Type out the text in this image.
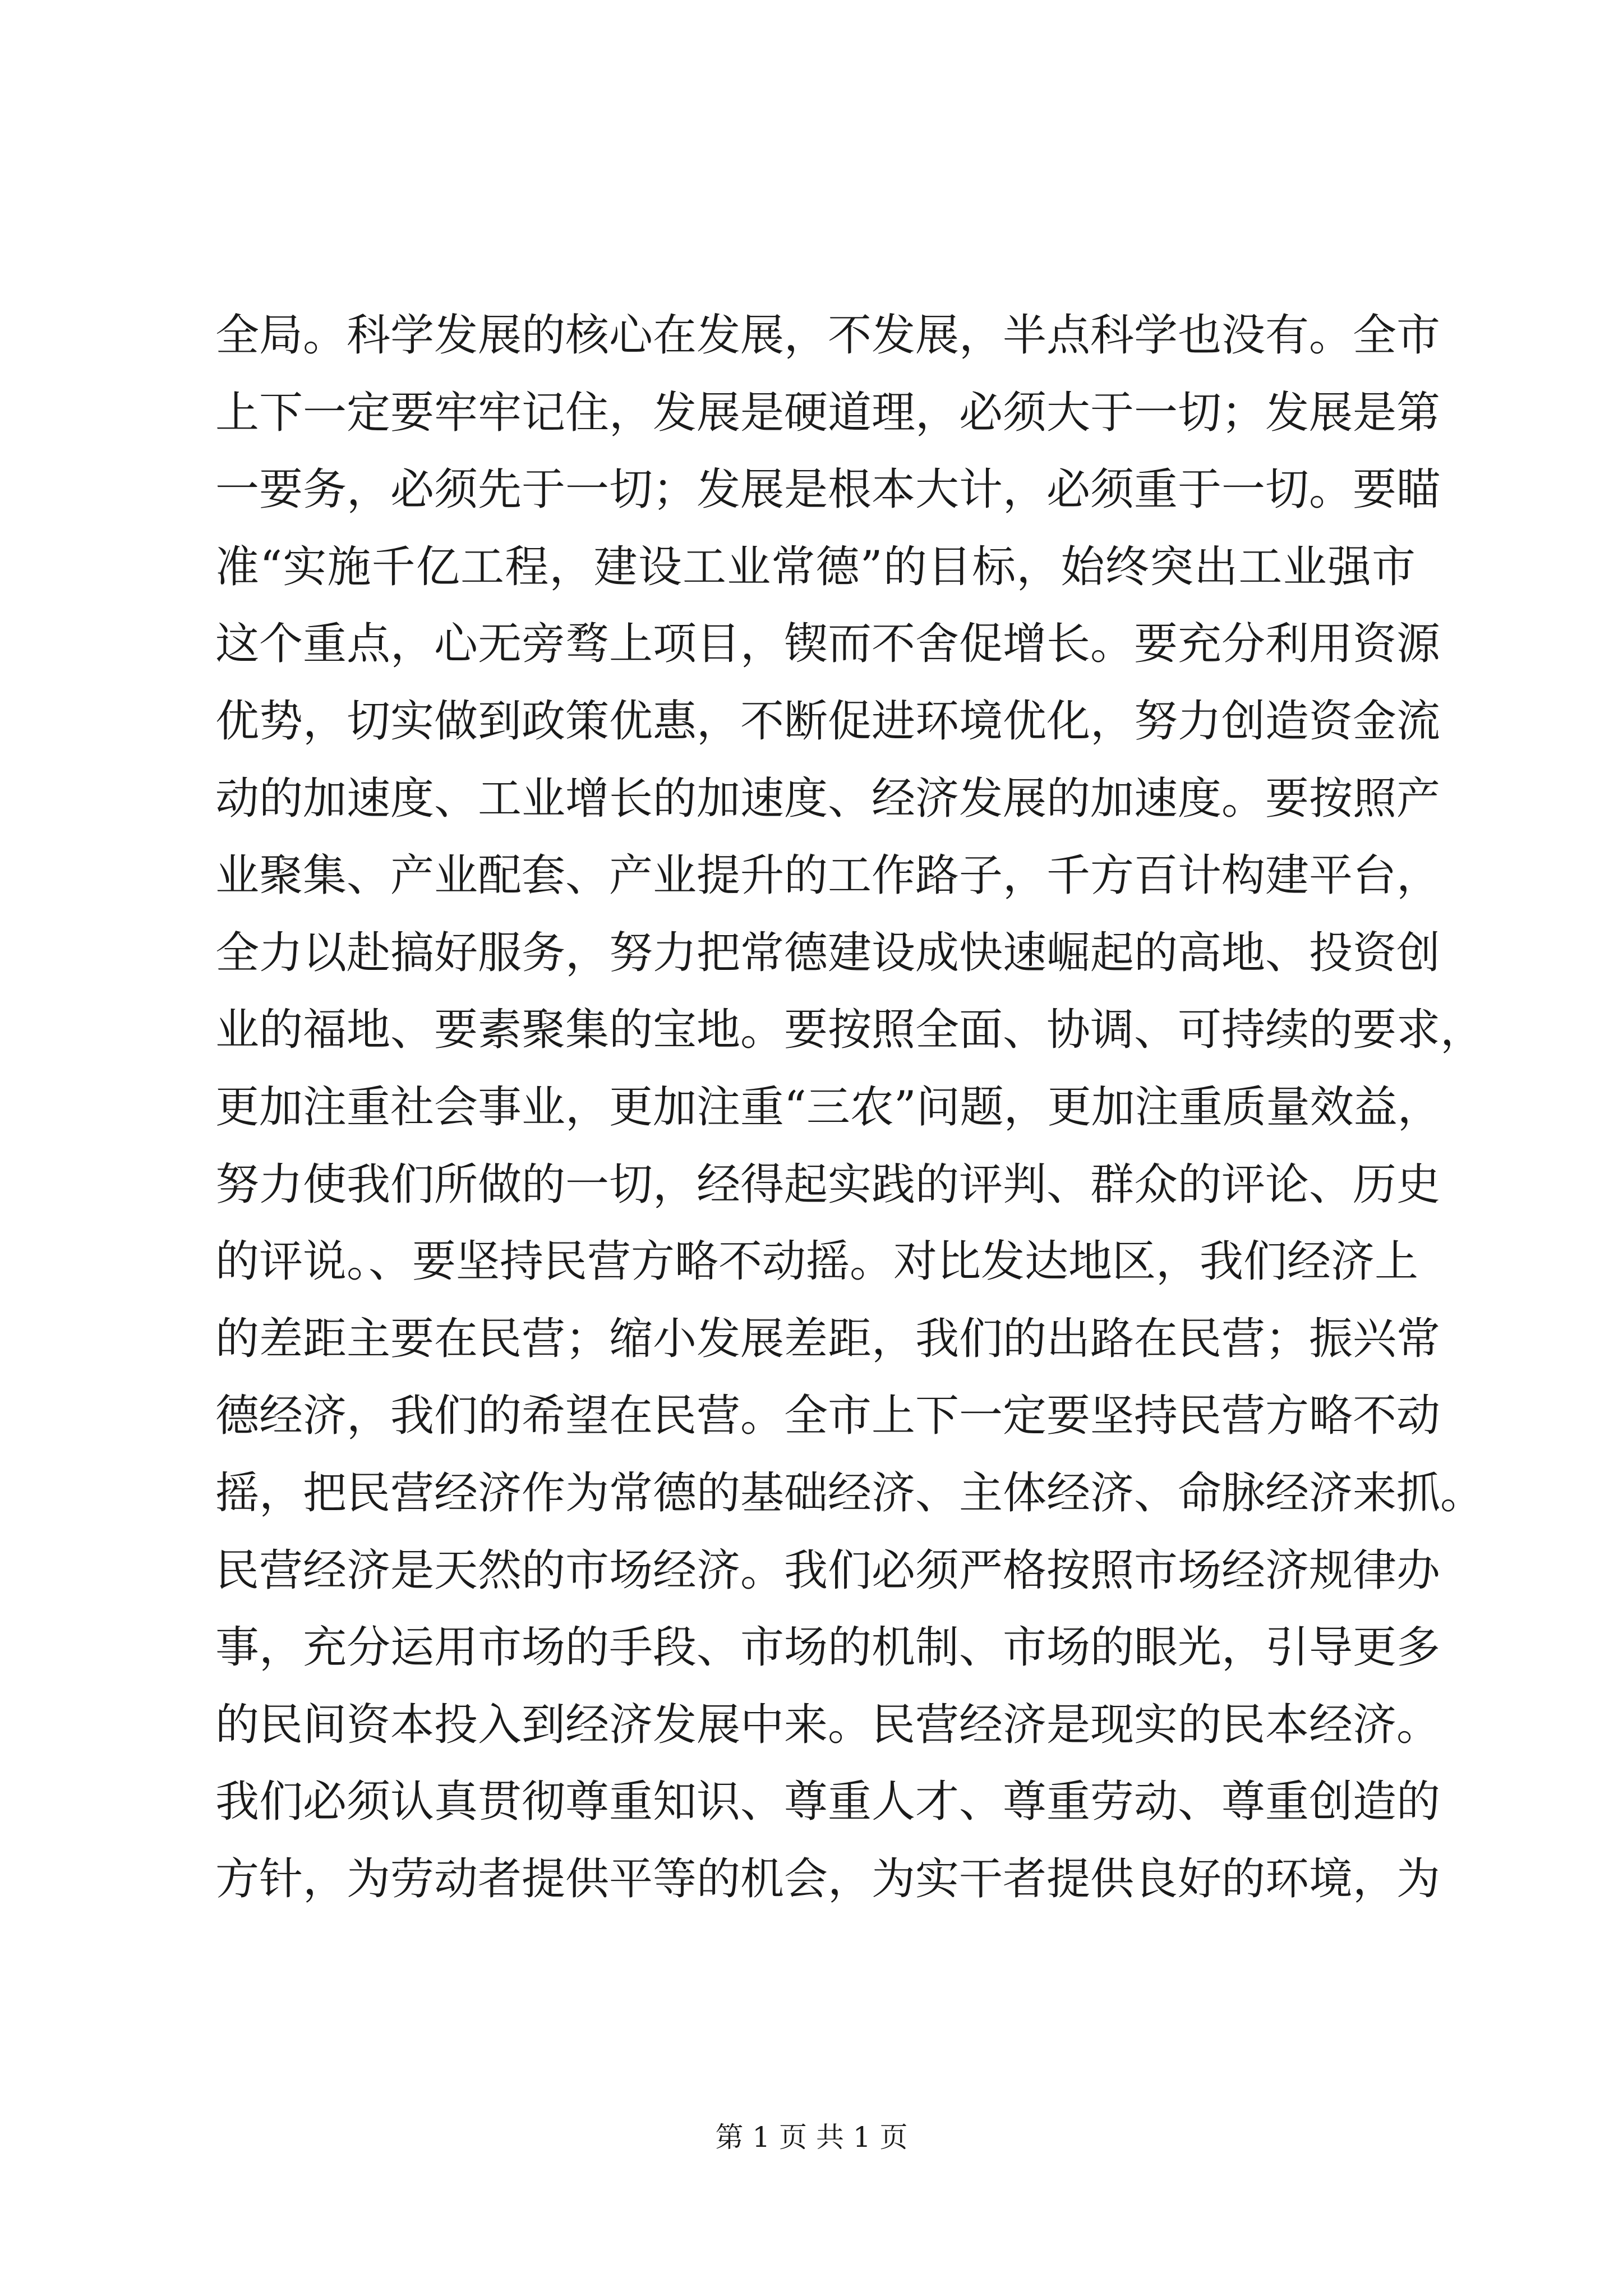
全局。科学发展的核心在发展，不发展，半点科学也没有。全市
上下一定要牢牢记住，发展是硬道理，必须大于一切；发展是第
一要务，必须先于一切；发展是根本大计，必须重于一切。要瞄
准“实施千亿工程，建设工业常德”的目标，始终突出工业强市
这个重点，心无旁骛上项目，锲而不舍促增长。要充分利用资源
优势，切实做到政策优惠，不断促进环境优化，努力创造资金流
动的加速度、工业增长的加速度、经济发展的加速度。要按照产
业聚集、产业配套、产业提升的工作路子，千方百计构建平台，
全力以赴搞好服务，努力把常德建设成快速崛起的高地、投资创
业的福地、要素聚集的宝地。要按照全面、协调、可持续的要求，
更加注重社会事业，更加注重“三农”问题，更加注重质量效益，
努力使我们所做的一切，经得起实践的评判、群众的评论、历史
的评说。、要坚持民营方略不动摇。对比发达地区，我们经济上
的差距主要在民营；缩小发展差距，我们的出路在民营；振兴常
德经济，我们的希望在民营。全市上下一定要坚持民营方略不动
摇，把民营经济作为常德的基础经济、主体经济、命脉经济来抓。
民营经济是天然的市场经济。我们必须严格按照市场经济规律办
事，充分运用市场的手段、市场的机制、市场的眼光，引导更多
的民间资本投入到经济发展中来。民营经济是现实的民本经济。
我们必须认真贯彻尊重知识、尊重人才、尊重劳动、尊重创造的
方针，为劳动者提供平等的机会，为实干者提供良好的环境，为
第 1 页 共 1 页
